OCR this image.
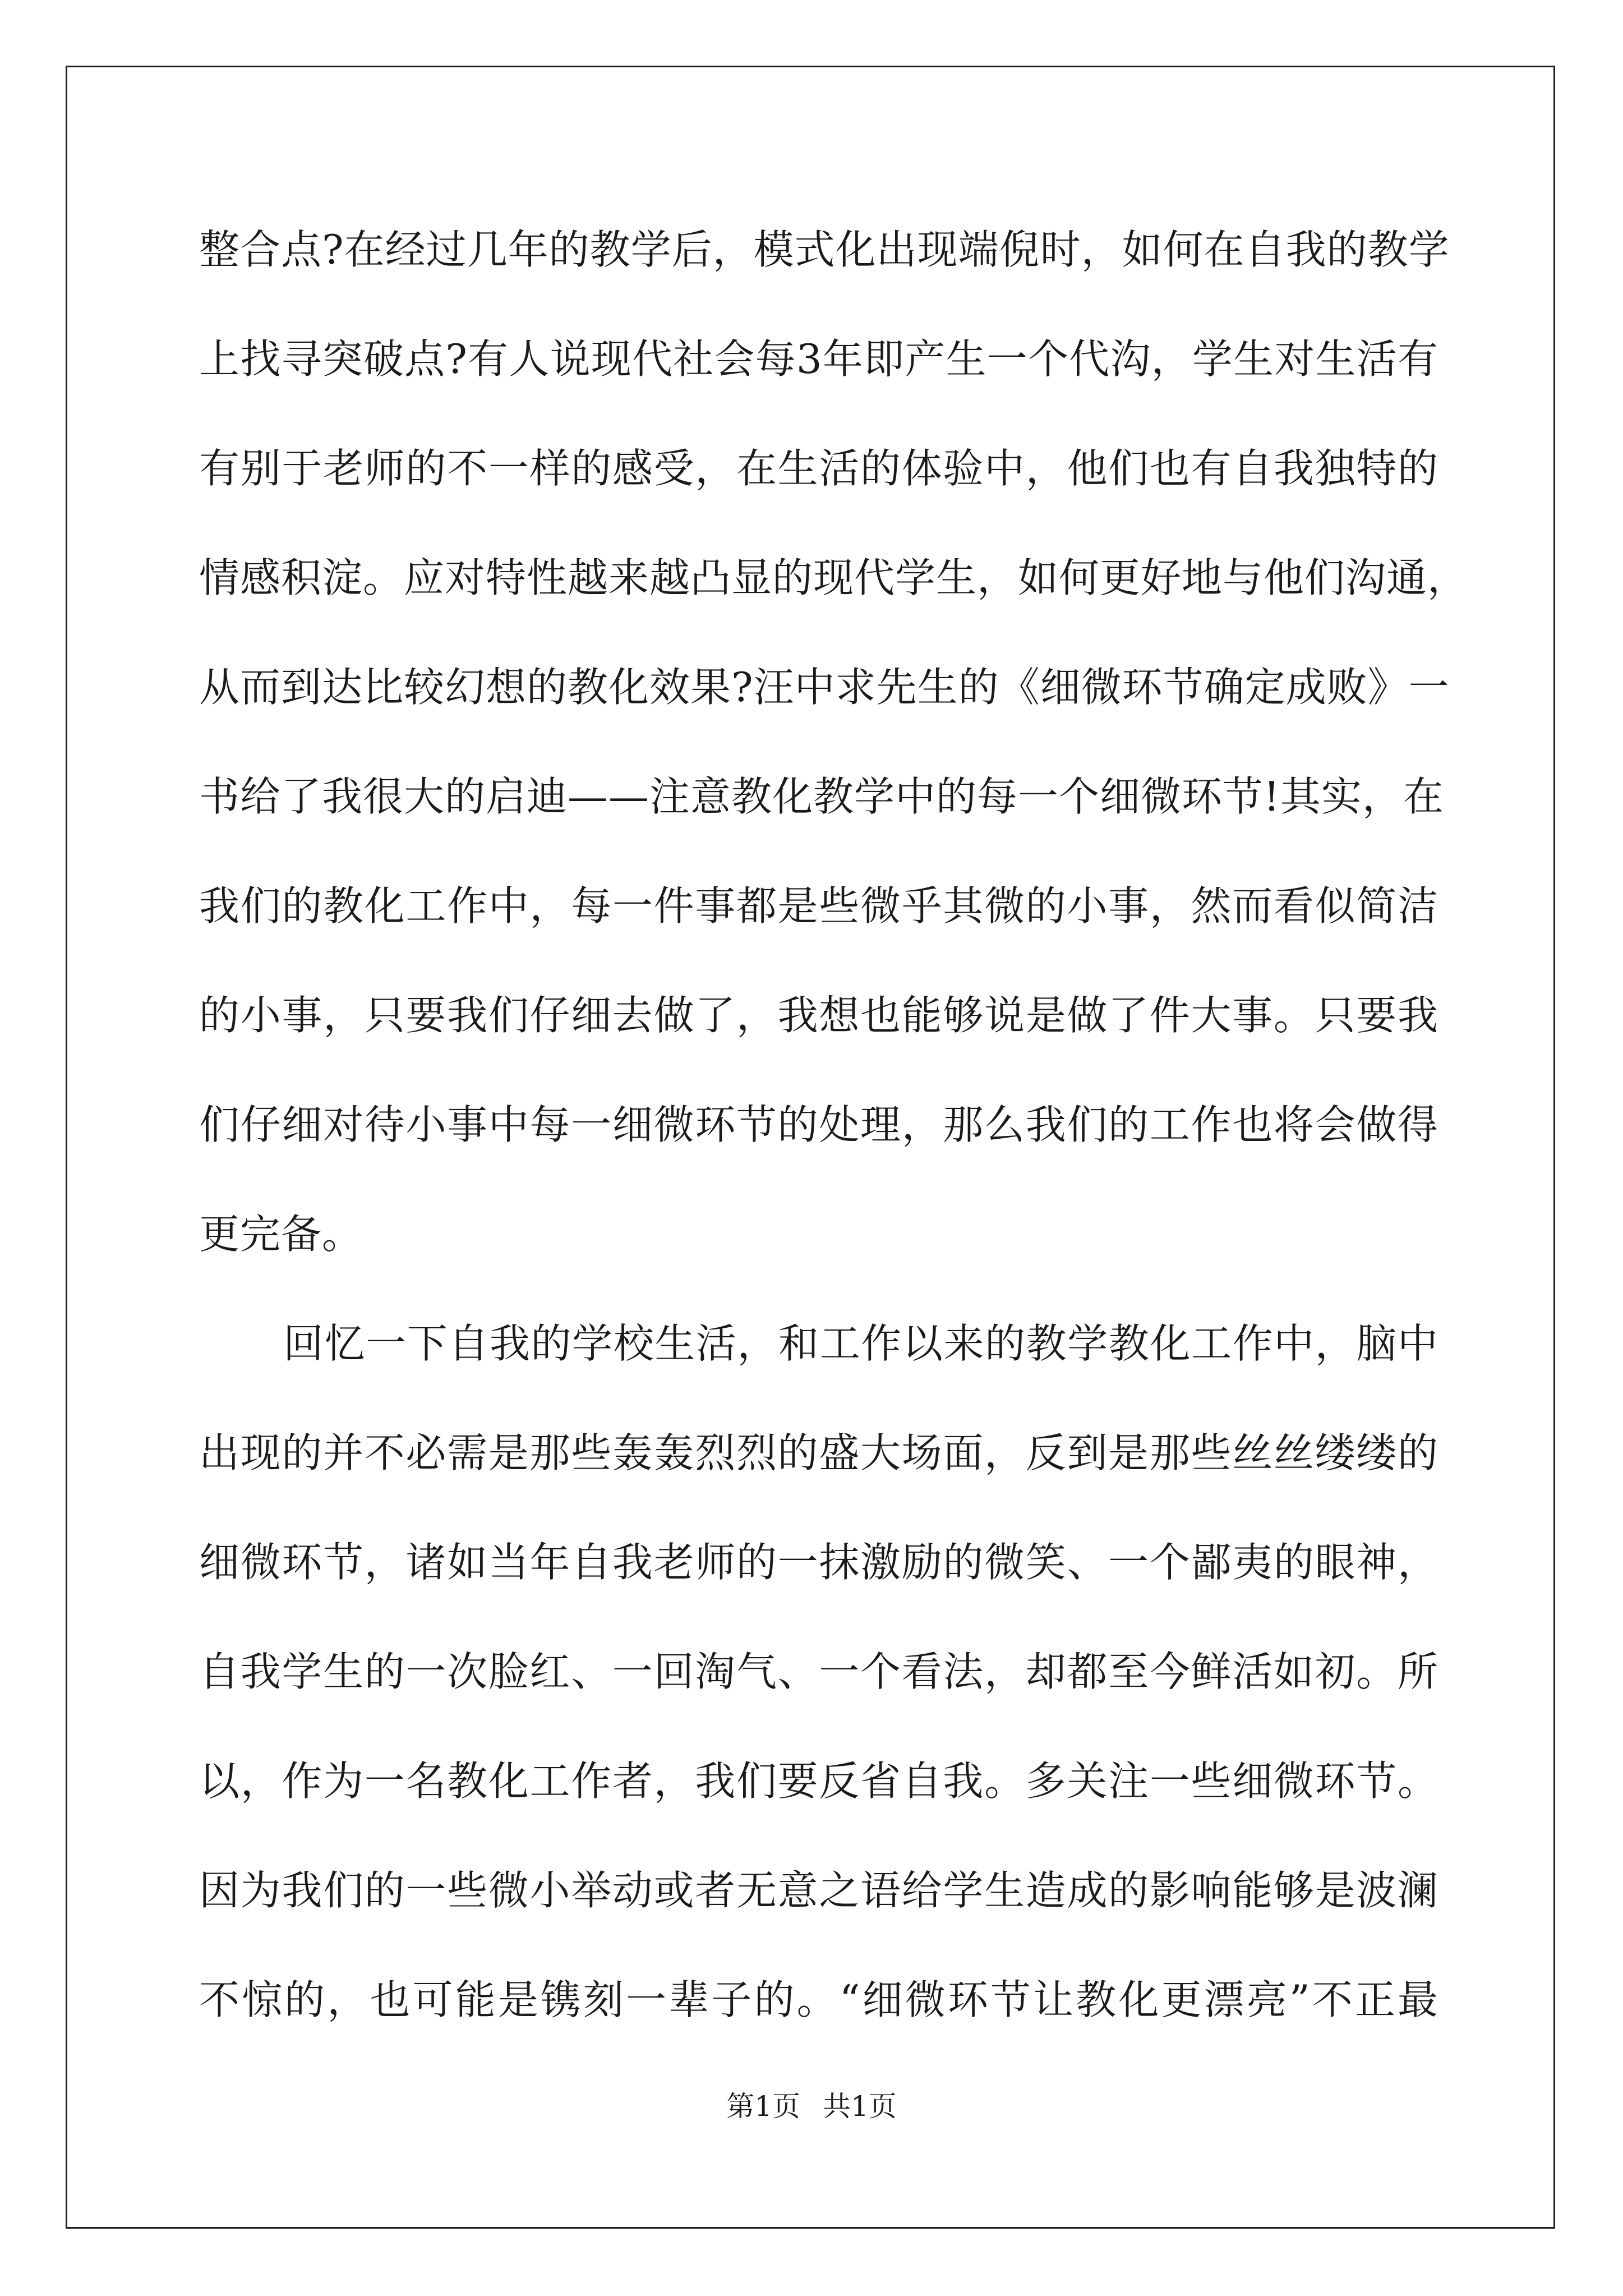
整合点?在经过几年的教学后，模式化出现端倪时，如何在自我的教学
上找寻突破点?有人说现代社会每3年即产生一个代沟，学生对生活有
有别于老师的不一样的感受，在生活的体验中，他们也有自我独特的
情感积淀。应对特性越来越凸显的现代学生，如何更好地与他们沟通，
从而到达比较幻想的教化效果?汪中求先生的《细微环节确定成败》一
书给了我很大的启迪——注意教化教学中的每一个细微环节!其实，在
我们的教化工作中，每一件事都是些微乎其微的小事，然而看似简洁
的小事，只要我们仔细去做了，我想也能够说是做了件大事。只要我
们仔细对待小事中每一细微环节的处理，那么我们的工作也将会做得
更完备。
回忆一下自我的学校生活，和工作以来的教学教化工作中，脑中
出现的并不必需是那些轰轰烈烈的盛大场面，反到是那些丝丝缕缕的
细微环节，诸如当年自我老师的一抹激励的微笑、一个鄙夷的眼神，
自我学生的一次脸红、一回淘气、一个看法，却都至今鲜活如初。所
以，作为一名教化工作者，我们要反省自我。多关注一些细微环节。
因为我们的一些微小举动或者无意之语给学生造成的影响能够是波澜
不惊的，也可能是镌刻一辈子的。“细微环节让教化更漂亮”不正最
第1页 共1页
